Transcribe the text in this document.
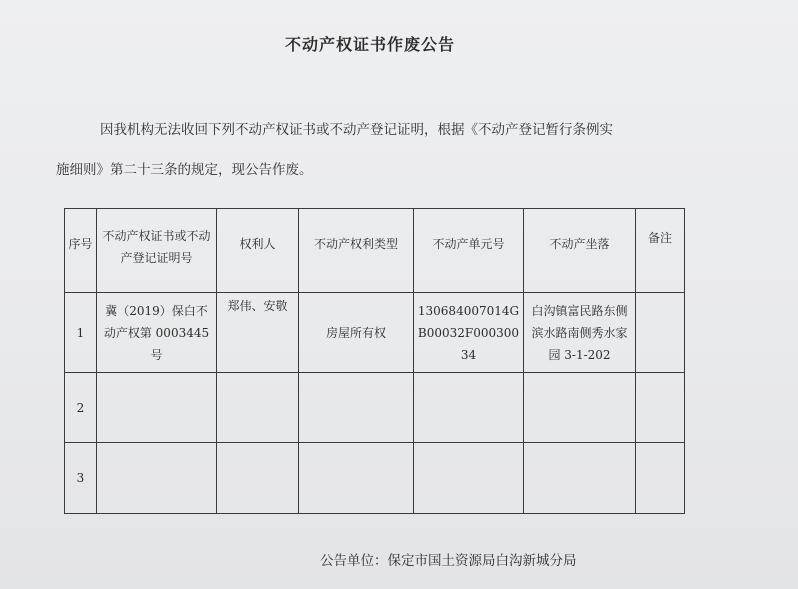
不动产权证书作废公告
因我机构无法收回下列不动产权证书或不动产登记证明，根据《不动产登记暂行条例实
施细则》第二十三条的规定，现公告作废。
序号	不动产权证书或不动产登记证明号	权利人	不动产权利类型	不动产单元号	不动产坐落	备注
1	冀（2019）保白不动产权第 0003445 号	郑伟、安敬	房屋所有权	130684007014GB00032F00030034	白沟镇富民路东侧滨水路南侧秀水家园 3-1-202	
2						
3						
公告单位：保定市国土资源局白沟新城分局
